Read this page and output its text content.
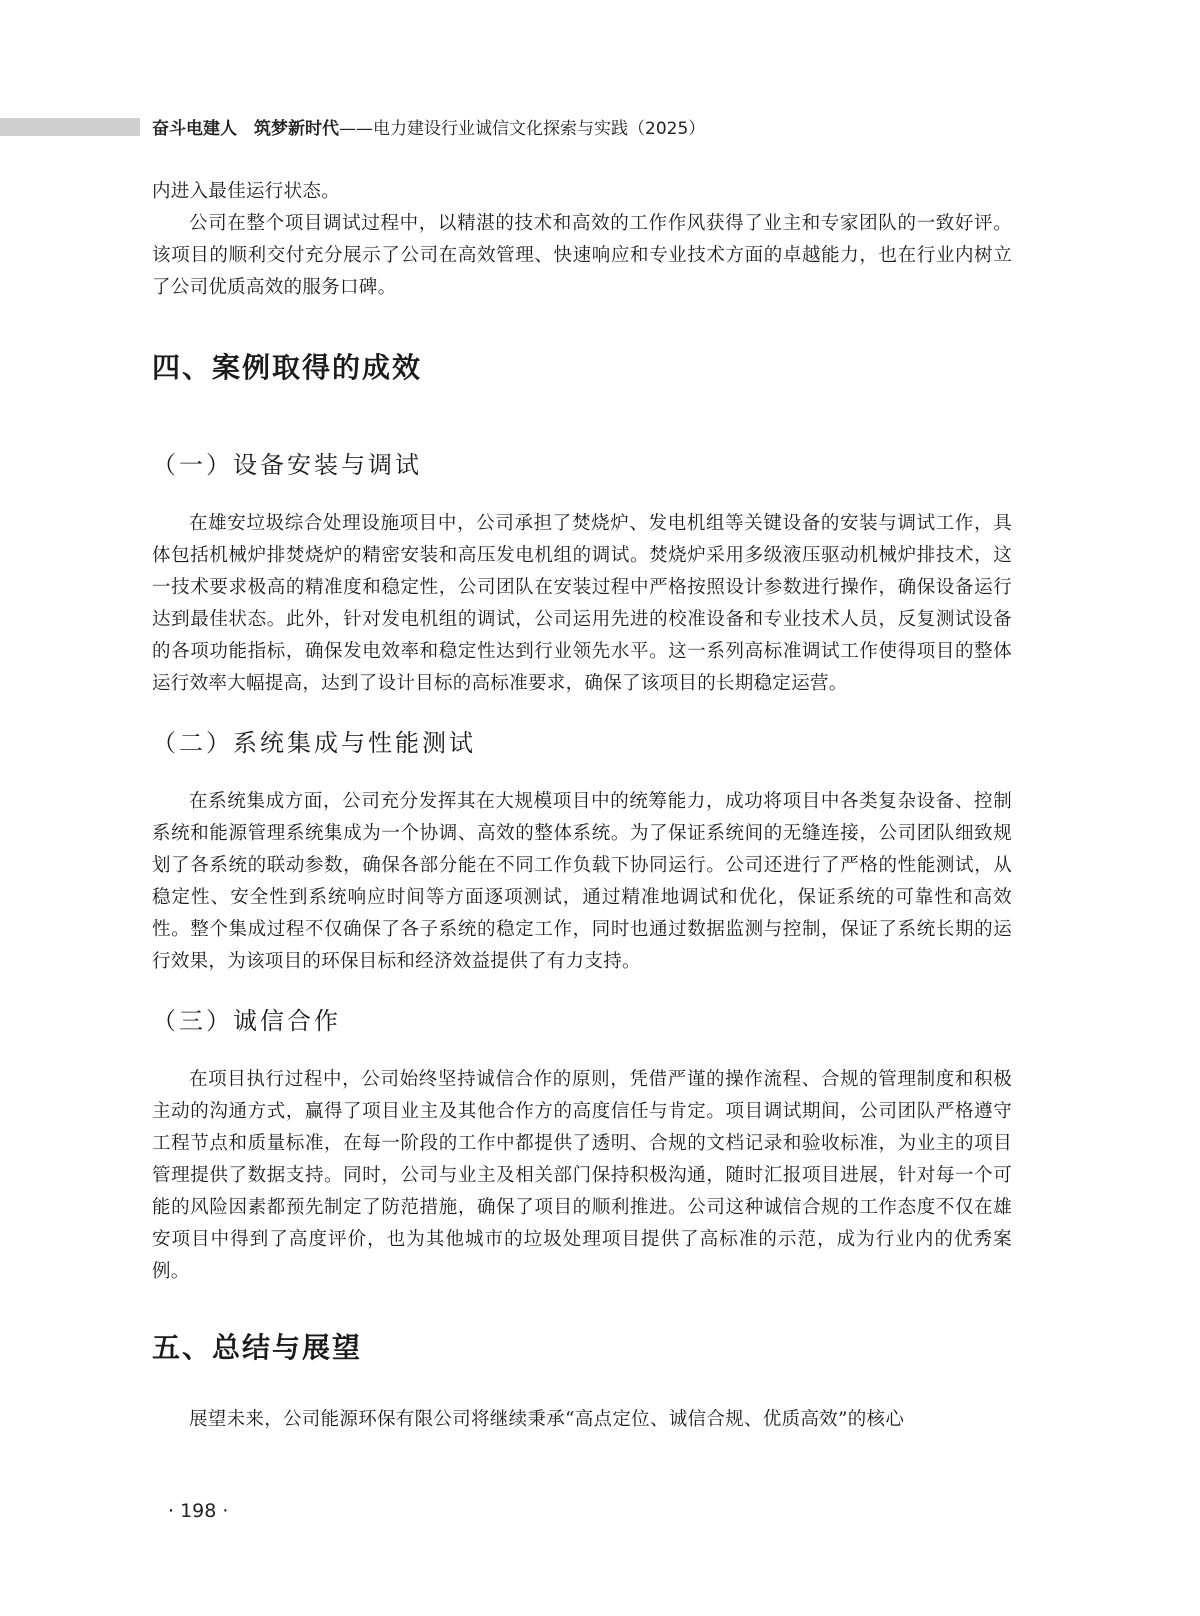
奋斗电建人　筑梦新时代——电力建设行业诚信文化探索与实践（2025）

内进入最佳运行状态。

公司在整个项目调试过程中，以精湛的技术和高效的工作作风获得了业主和专家团队的一致好评。该项目的顺利交付充分展示了公司在高效管理、快速响应和专业技术方面的卓越能力，也在行业内树立了公司优质高效的服务口碑。

四、案例取得的成效
（一）设备安装与调试

在雄安垃圾综合处理设施项目中，公司承担了焚烧炉、发电机组等关键设备的安装与调试工作，具体包括机械炉排焚烧炉的精密安装和高压发电机组的调试。焚烧炉采用多级液压驱动机械炉排技术，这一技术要求极高的精准度和稳定性，公司团队在安装过程中严格按照设计参数进行操作，确保设备运行达到最佳状态。此外，针对发电机组的调试，公司运用先进的校准设备和专业技术人员，反复测试设备的各项功能指标，确保发电效率和稳定性达到行业领先水平。这一系列高标准调试工作使得项目的整体运行效率大幅提高，达到了设计目标的高标准要求，确保了该项目的长期稳定运营。

（二）系统集成与性能测试

在系统集成方面，公司充分发挥其在大规模项目中的统筹能力，成功将项目中各类复杂设备、控制系统和能源管理系统集成为一个协调、高效的整体系统。为了保证系统间的无缝连接，公司团队细致规划了各系统的联动参数，确保各部分能在不同工作负载下协同运行。公司还进行了严格的性能测试，从稳定性、安全性到系统响应时间等方面逐项测试，通过精准地调试和优化，保证系统的可靠性和高效性。整个集成过程不仅确保了各子系统的稳定工作，同时也通过数据监测与控制，保证了系统长期的运行效果，为该项目的环保目标和经济效益提供了有力支持。

（三）诚信合作

在项目执行过程中，公司始终坚持诚信合作的原则，凭借严谨的操作流程、合规的管理制度和积极主动的沟通方式，赢得了项目业主及其他合作方的高度信任与肯定。项目调试期间，公司团队严格遵守工程节点和质量标准，在每一阶段的工作中都提供了透明、合规的文档记录和验收标准，为业主的项目管理提供了数据支持。同时，公司与业主及相关部门保持积极沟通，随时汇报项目进展，针对每一个可能的风险因素都预先制定了防范措施，确保了项目的顺利推进。公司这种诚信合规的工作态度不仅在雄安项目中得到了高度评价，也为其他城市的垃圾处理项目提供了高标准的示范，成为行业内的优秀案例。

五、总结与展望

展望未来，公司能源环保有限公司将继续秉承“高点定位、诚信合规、优质高效”的核心

· 198 ·
